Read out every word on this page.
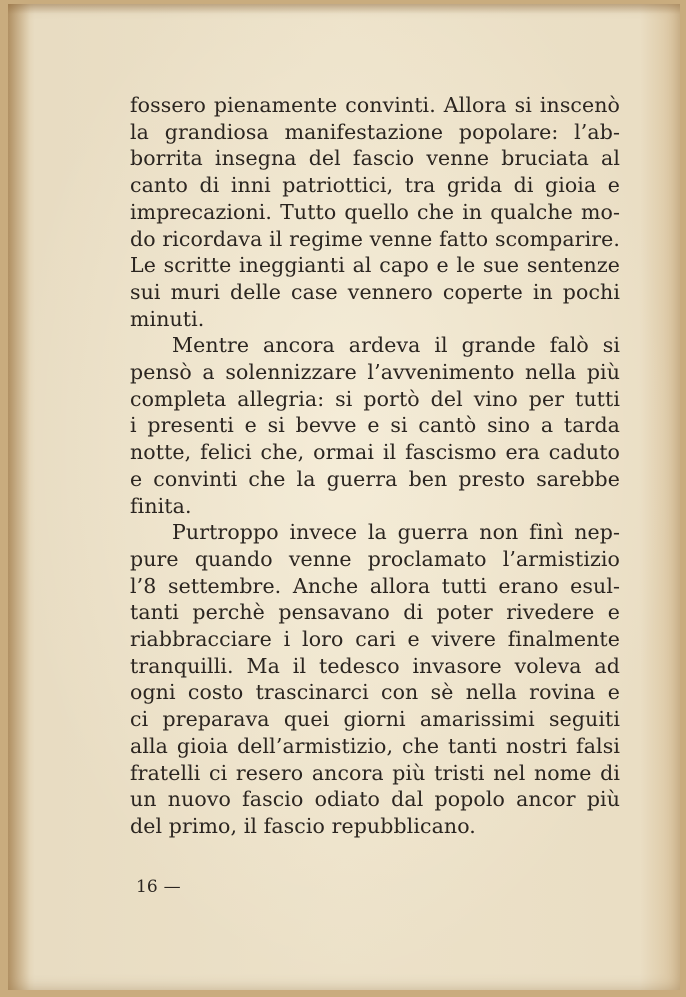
fossero pienamente convinti. Allora si inscenò
la grandiosa manifestazione popolare: l’ab-
borrita insegna del fascio venne bruciata al
canto di inni patriottici, tra grida di gioia e
imprecazioni. Tutto quello che in qualche mo-
do ricordava il regime venne fatto scomparire.
Le scritte ineggianti al capo e le sue sentenze
sui muri delle case vennero coperte in pochi
minuti.
Mentre ancora ardeva il grande falò si
pensò a solennizzare l’avvenimento nella più
completa allegria: si portò del vino per tutti
i presenti e si bevve e si cantò sino a tarda
notte, felici che, ormai il fascismo era caduto
e convinti che la guerra ben presto sarebbe
finita.
Purtroppo invece la guerra non finì nep-
pure quando venne proclamato l’armistizio
l’8 settembre. Anche allora tutti erano esul-
tanti perchè pensavano di poter rivedere e
riabbracciare i loro cari e vivere finalmente
tranquilli. Ma il tedesco invasore voleva ad
ogni costo trascinarci con sè nella rovina e
ci preparava quei giorni amarissimi seguiti
alla gioia dell’armistizio, che tanti nostri falsi
fratelli ci resero ancora più tristi nel nome di
un nuovo fascio odiato dal popolo ancor più
del primo, il fascio repubblicano.
16 —
